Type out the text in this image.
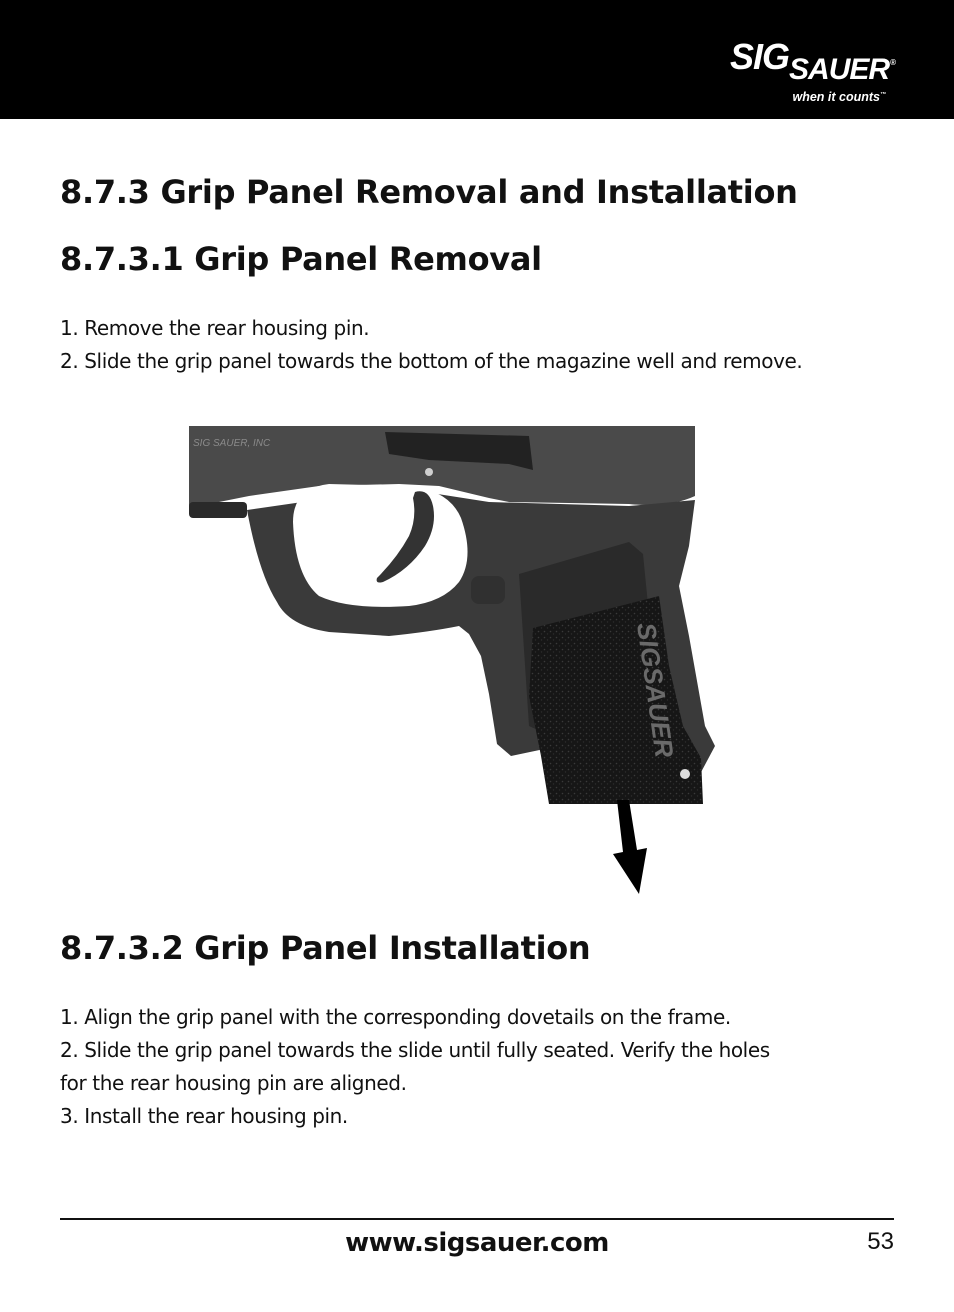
SIGSAUER®
when it counts™
8.7.3 Grip Panel Removal and Installation
8.7.3.1 Grip Panel Removal
1. Remove the rear housing pin.
2. Slide the grip panel towards the bottom of the magazine well and remove.
SIG SAUER, INC
SIGSAUER
8.7.3.2 Grip Panel Installation
1. Align the grip panel with the corresponding dovetails on the frame.
2. Slide the grip panel towards the slide until fully seated. Verify the holes
for the rear housing pin are aligned.
3. Install the rear housing pin.
www.sigsauer.com	53
